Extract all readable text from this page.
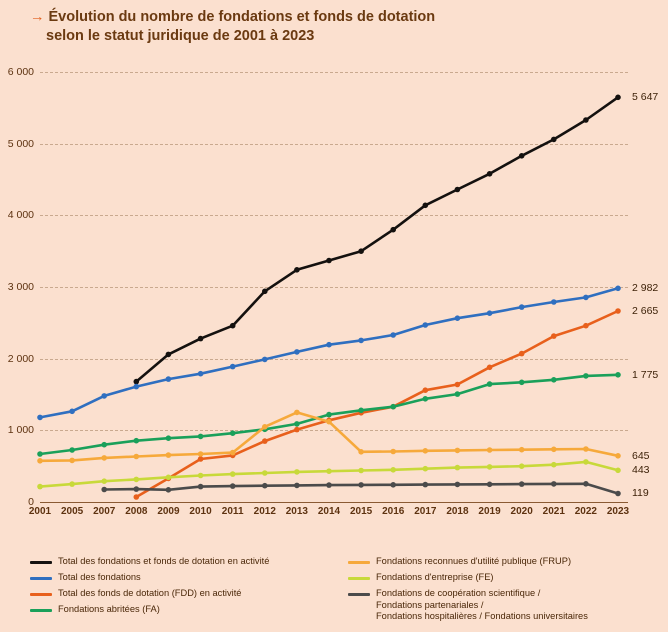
→ Évolution du nombre de fondations et fonds de dotation
selon le statut juridique de 2001 à 2023
0
1 000
2 000
3 000
4 000
5 000
6 000
2001 2005 2007 2008 2009 2010 2011 2012 2013 2014 2015 2016 2017 2018 2019 2020 2021 2022 2023
5 647
2 982
2 665
1 775
645
443
119
Total des fondations et fonds de dotation en activité
Total des fondations
Total des fonds de dotation (FDD) en activité
Fondations abritées (FA)
Fondations reconnues d'utilité publique (FRUP)
Fondations d'entreprise (FE)
Fondations de coopération scientifique /
Fondations partenariales /
Fondations hospitalières / Fondations universitaires
